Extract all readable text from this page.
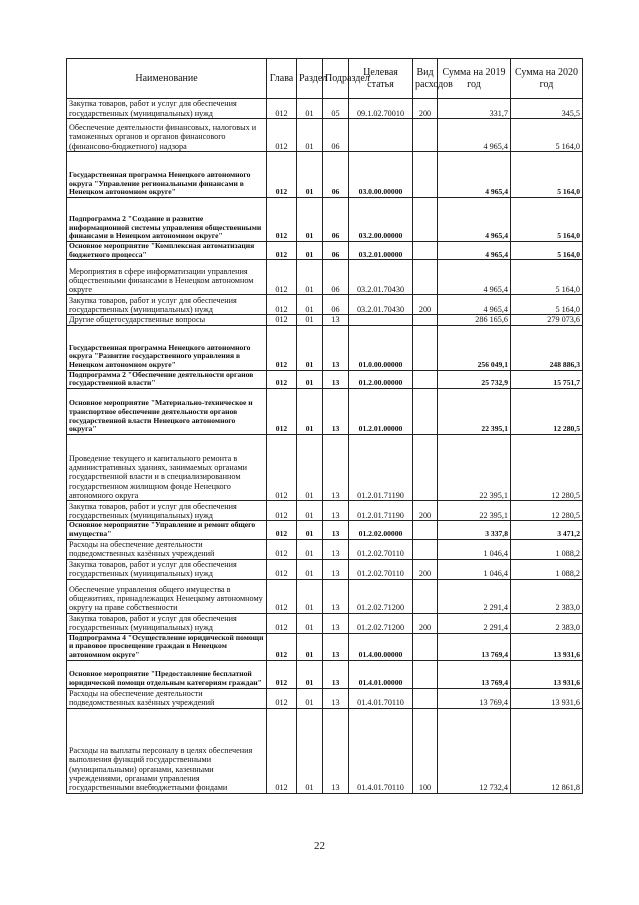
Наименование	Глава	Раздел	Подраздел	Целевая статья	Вид расходов	Сумма на 2019 год	Сумма на 2020 год
Закупка товаров, работ и услуг для обеспечения государственных (муниципальных) нужд	012	01	05	09.1.02.70010	200	331,7	345,5
Обеспечение деятельности финансовых, налоговых и таможенных органов и органов финансового (финансово-бюджетного) надзора	012	01	06			4 965,4	5 164,0
Государственная программа Ненецкого автономного округа "Управление региональными финансами в Ненецком автономном округе"	012	01	06	03.0.00.00000		4 965,4	5 164,0
Подпрограмма 2 "Создание и развитие информационной системы управления общественными финансами в Ненецком автономном округе"	012	01	06	03.2.00.00000		4 965,4	5 164,0
Основное мероприятие "Комплексная автоматизация бюджетного процесса"	012	01	06	03.2.01.00000		4 965,4	5 164,0
Мероприятия в сфере информатизации управления общественными финансами в Ненецком автономном округе	012	01	06	03.2.01.70430		4 965,4	5 164,0
Закупка товаров, работ и услуг для обеспечения государственных (муниципальных) нужд	012	01	06	03.2.01.70430	200	4 965,4	5 164,0
Другие общегосударственные вопросы	012	01	13			286 165,6	279 073,6
Государственная программа Ненецкого автономного округа "Развитие государственного управления в Ненецком автономном округе"	012	01	13	01.0.00.00000		256 049,1	248 886,3
Подпрограмма 2 "Обеспечение деятельности органов государственной власти"	012	01	13	01.2.00.00000		25 732,9	15 751,7
Основное мероприятие "Материально-техническое и транспортное обеспечение деятельности органов государственной власти Ненецкого автономного округа"	012	01	13	01.2.01.00000		22 395,1	12 280,5
Проведение текущего и капитального ремонта в административных зданиях, занимаемых органами государственной власти и в специализированном государственном жилищном фонде Ненецкого автономного округа	012	01	13	01.2.01.71190		22 395,1	12 280,5
Закупка товаров, работ и услуг для обеспечения государственных (муниципальных) нужд	012	01	13	01.2.01.71190	200	22 395,1	12 280,5
Основное мероприятие "Управление и ремонт общего имущества"	012	01	13	01.2.02.00000		3 337,8	3 471,2
Расходы на обеспечение деятельности подведомственных казённых учреждений	012	01	13	01.2.02.70110		1 046,4	1 088,2
Закупка товаров, работ и услуг для обеспечения государственных (муниципальных) нужд	012	01	13	01.2.02.70110	200	1 046,4	1 088,2
Обеспечение управления общего имущества в общежитиях, принадлежащих Ненецкому автономному округу на праве собственности	012	01	13	01.2.02.71200		2 291,4	2 383,0
Закупка товаров, работ и услуг для обеспечения государственных (муниципальных) нужд	012	01	13	01.2.02.71200	200	2 291,4	2 383,0
Подпрограмма 4 "Осуществление юридической помощи и правовое просвещение граждан в Ненецком автономном округе"	012	01	13	01.4.00.00000		13 769,4	13 931,6
Основное мероприятие "Предоставление бесплатной юридической помощи отдельным категориям граждан"	012	01	13	01.4.01.00000		13 769,4	13 931,6
Расходы на обеспечение деятельности подведомственных казённых учреждений	012	01	13	01.4.01.70110		13 769,4	13 931,6
Расходы на выплаты персоналу в целях обеспечения выполнения функций государственными (муниципальными) органами, казенными учреждениями, органами управления государственными внебюджетными фондами	012	01	13	01.4.01.70110	100	12 732,4	12 861,8
22
